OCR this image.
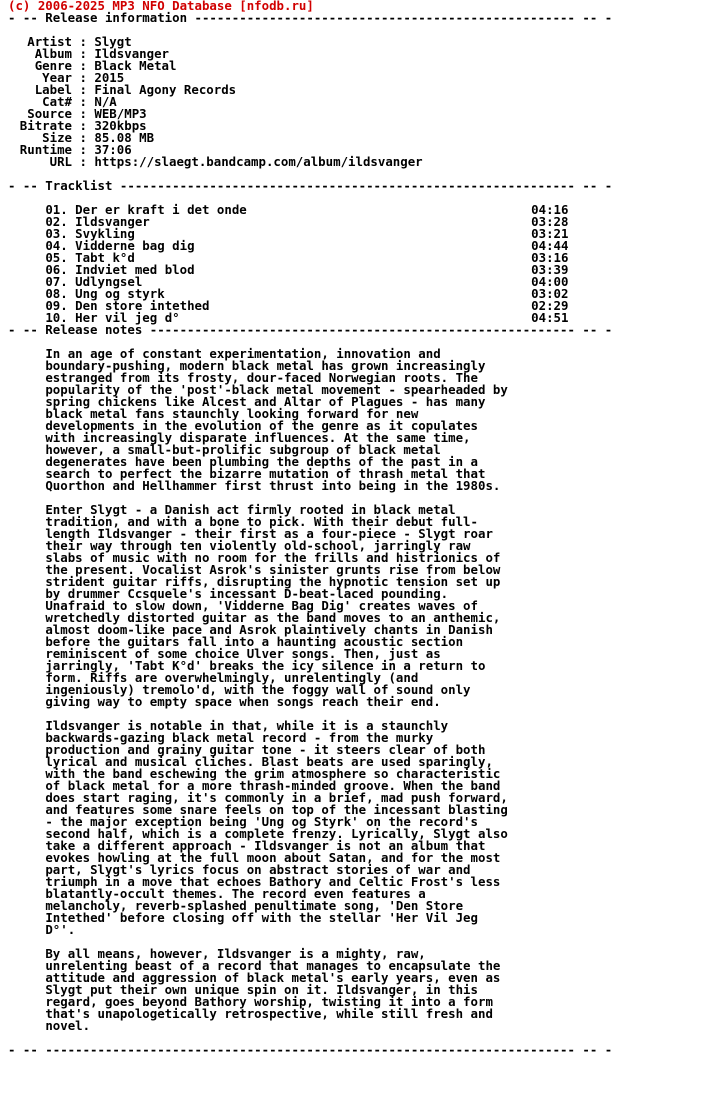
(c) 2006-2025 MP3 NFO Database [nfodb.ru]
- -- Release information --------------------------------------------------- -- -

Artist : Slygt
Album : Ildsvanger
Genre : Black Metal
Year : 2015
Label : Final Agony Records
Cat# : N/A
Source : WEB/MP3
Bitrate : 320kbps
Size : 85.08 MB
Runtime : 37:06
URL : https://slaegt.bandcamp.com/album/ildsvanger

- -- Tracklist ------------------------------------------------------------- -- -

01. Der er kraft i det onde	04:16
02. Ildsvanger	03:28
03. Svykling	03:21
04. Vidderne bag dig	04:44
05. Tabt k°d	03:16
06. Indviet med blod	03:39
07. Udlyngsel	04:00
08. Ung og styrk	03:02
09. Den store intethed	02:29
10. Her vil jeg d°	04:51
- -- Release notes --------------------------------------------------------- -- -

In an age of constant experimentation, innovation and
boundary-pushing, modern black metal has grown increasingly
estranged from its frosty, dour-faced Norwegian roots. The
popularity of the 'post'-black metal movement - spearheaded by
spring chickens like Alcest and Altar of Plagues - has many
black metal fans staunchly looking forward for new
developments in the evolution of the genre as it copulates
with increasingly disparate influences. At the same time,
however, a small-but-prolific subgroup of black metal
degenerates have been plumbing the depths of the past in a
search to perfect the bizarre mutation of thrash metal that
Quorthon and Hellhammer first thrust into being in the 1980s.

Enter Slygt - a Danish act firmly rooted in black metal
tradition, and with a bone to pick. With their debut full-
length Ildsvanger - their first as a four-piece - Slygt roar
their way through ten violently old-school, jarringly raw
slabs of music with no room for the frills and histrionics of
the present. Vocalist Asrok's sinister grunts rise from below
strident guitar riffs, disrupting the hypnotic tension set up
by drummer Ccsquele's incessant D-beat-laced pounding.
Unafraid to slow down, 'Vidderne Bag Dig' creates waves of
wretchedly distorted guitar as the band moves to an anthemic,
almost doom-like pace and Asrok plaintively chants in Danish
before the guitars fall into a haunting acoustic section
reminiscent of some choice Ulver songs. Then, just as
jarringly, 'Tabt K°d' breaks the icy silence in a return to
form. Riffs are overwhelmingly, unrelentingly (and
ingeniously) tremolo'd, with the foggy wall of sound only
giving way to empty space when songs reach their end.

Ildsvanger is notable in that, while it is a staunchly
backwards-gazing black metal record - from the murky
production and grainy guitar tone - it steers clear of both
lyrical and musical cliches. Blast beats are used sparingly,
with the band eschewing the grim atmosphere so characteristic
of black metal for a more thrash-minded groove. When the band
does start raging, it's commonly in a brief, mad push forward,
and features some snare feels on top of the incessant blasting
- the major exception being 'Ung og Styrk' on the record's
second half, which is a complete frenzy. Lyrically, Slygt also
take a different approach - Ildsvanger is not an album that
evokes howling at the full moon about Satan, and for the most
part, Slygt's lyrics focus on abstract stories of war and
triumph in a move that echoes Bathory and Celtic Frost's less
blatantly-occult themes. The record even features a
melancholy, reverb-splashed penultimate song, 'Den Store
Intethed' before closing off with the stellar 'Her Vil Jeg
D°'.

By all means, however, Ildsvanger is a mighty, raw,
unrelenting beast of a record that manages to encapsulate the
attitude and aggression of black metal's early years, even as
Slygt put their own unique spin on it. Ildsvanger, in this
regard, goes beyond Bathory worship, twisting it into a form
that's unapologetically retrospective, while still fresh and
novel.

- -- ----------------------------------------------------------------------- -- -
